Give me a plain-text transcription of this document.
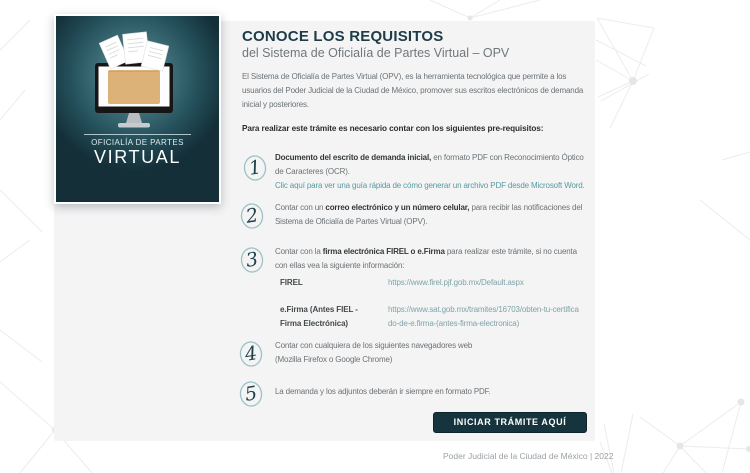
OFICIALÍA DE PARTES
VIRTUAL
CONOCE LOS REQUISITOS
del Sistema de Oficialía de Partes Virtual – OPV

El Sistema de Oficialía de Partes Virtual (OPV), es la herramienta tecnológica que permite a los
usuarios del Poder Judicial de la Ciudad de México, promover sus escritos electrónicos de demanda
inicial y posteriores.

Para realizar este trámite es necesario contar con los siguientes pre-requisitos:
1 Documento del escrito de demanda inicial, en formato PDF con Reconocimiento Óptico
de Caracteres (OCR).
Clic aquí para ver una guía rápida de cómo generar un archivo PDF desde Microsoft Word.
2 Contar con un correo electrónico y un número celular, para recibir las notificaciones del
Sistema de Oficialía de Partes Virtual (OPV).
3 Contar con la firma electrónica FIREL o e.Firma para realizar este trámite, si no cuenta
con ellas vea la siguiente información:
FIREL	https://www.firel.pjf.gob.mx/Default.aspx
e.Firma (Antes FIEL -
Firma Electrónica)
https://www.sat.gob.mx/tramites/16703/obten-tu-certifica
do-de-e.firma-(antes-firma-electronica)
4 Contar con cualquiera de los siguientes navegadores web
(Mozilla Firefox o Google Chrome)
5 La demanda y los adjuntos deberán ir siempre en formato PDF.
INICIAR TRÁMITE AQUÍ
Poder Judicial de la Ciudad de México | 2022
